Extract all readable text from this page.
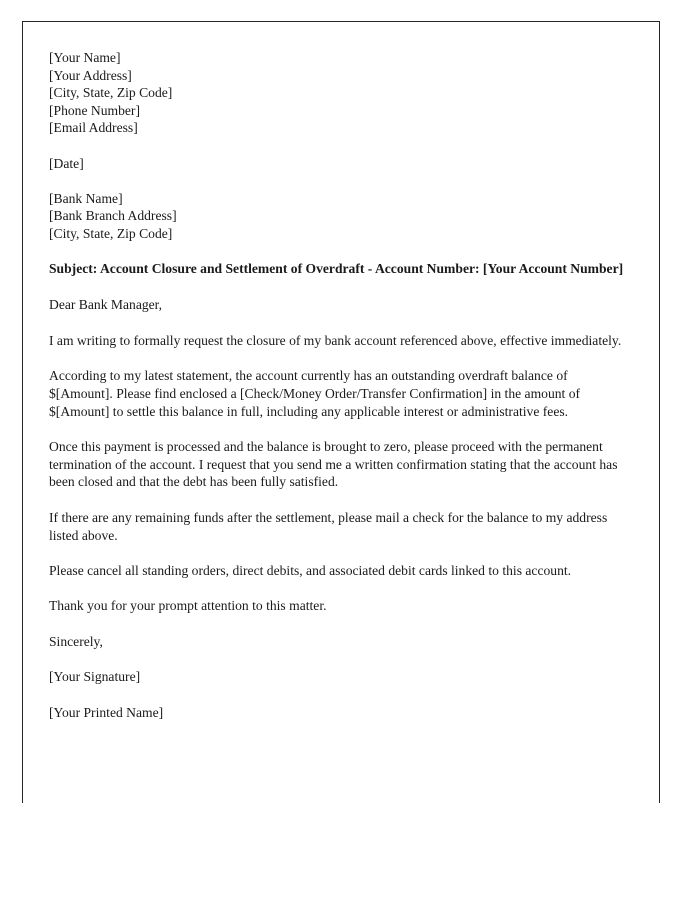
[Your Name]
[Your Address]
[City, State, Zip Code]
[Phone Number]
[Email Address]
[Date]
[Bank Name]
[Bank Branch Address]
[City, State, Zip Code]
Subject: Account Closure and Settlement of Overdraft - Account Number: [Your Account Number]
Dear Bank Manager,
I am writing to formally request the closure of my bank account referenced above, effective immediately.
According to my latest statement, the account currently has an outstanding overdraft balance of $[Amount]. Please find enclosed a [Check/Money Order/Transfer Confirmation] in the amount of $[Amount] to settle this balance in full, including any applicable interest or administrative fees.
Once this payment is processed and the balance is brought to zero, please proceed with the permanent termination of the account. I request that you send me a written confirmation stating that the account has been closed and that the debt has been fully satisfied.
If there are any remaining funds after the settlement, please mail a check for the balance to my address listed above.
Please cancel all standing orders, direct debits, and associated debit cards linked to this account.
Thank you for your prompt attention to this matter.
Sincerely,
[Your Signature]
[Your Printed Name]
